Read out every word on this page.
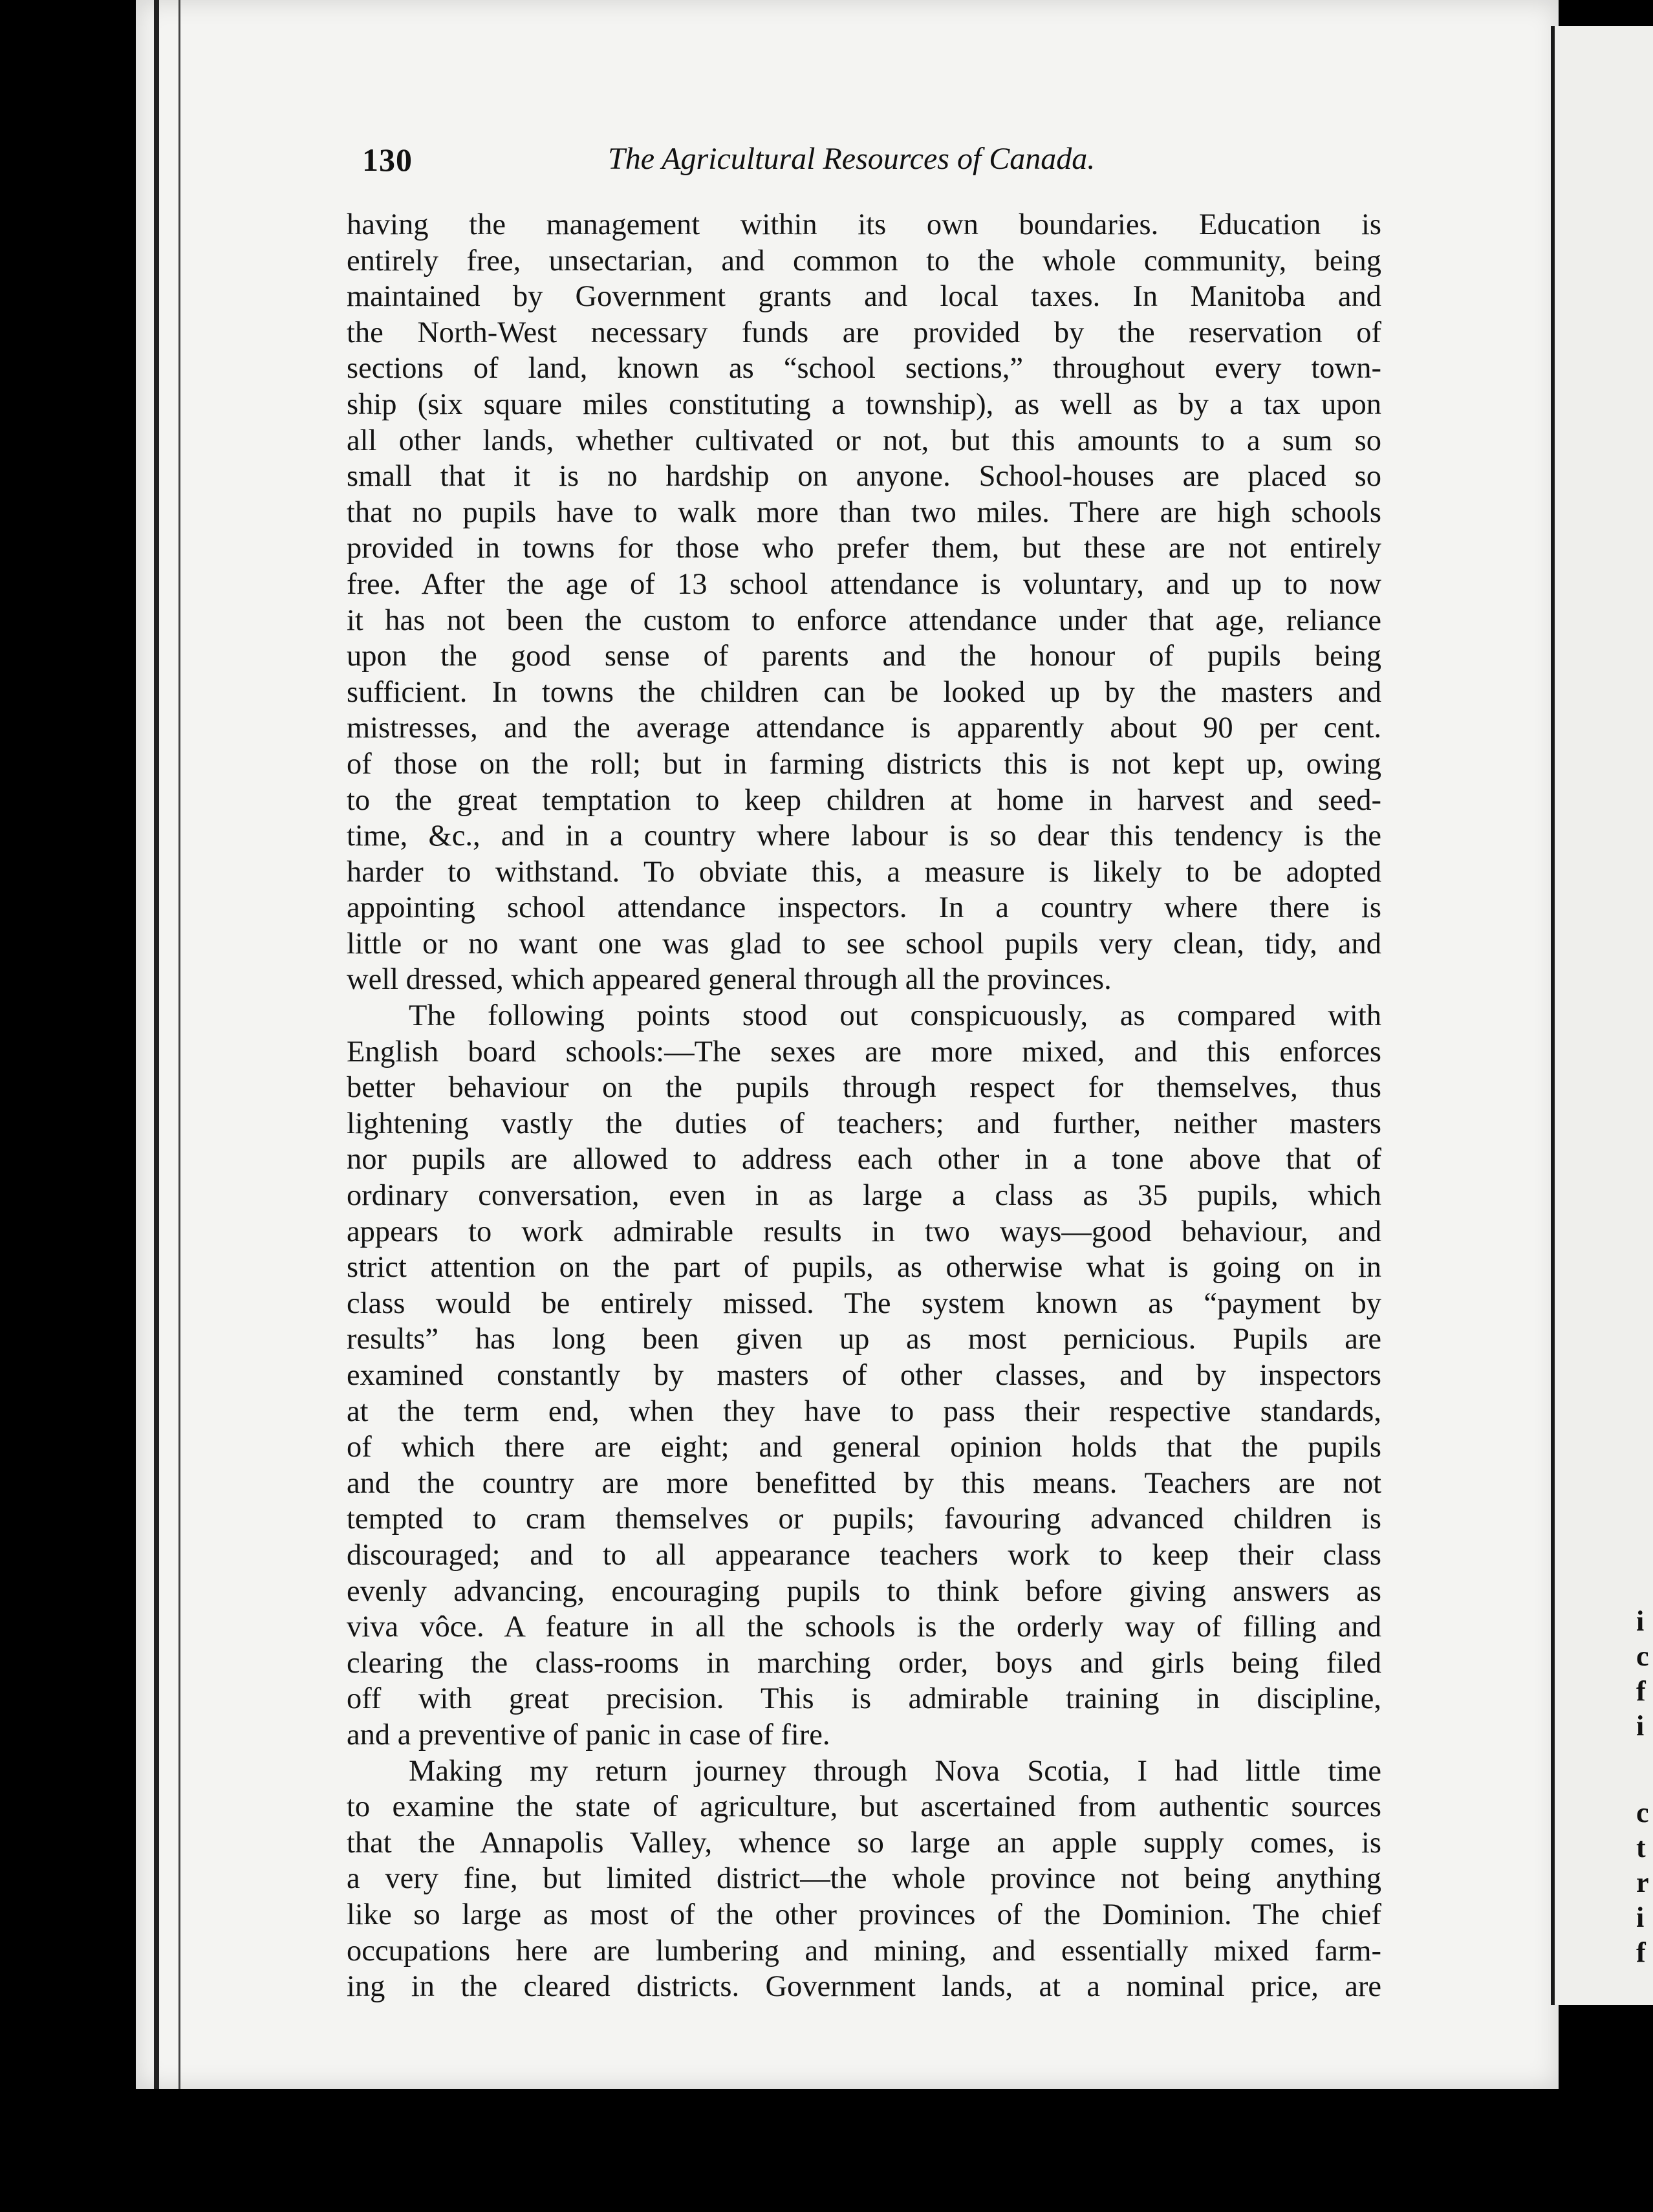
i
c
f
i
c
t
r
i
f
130	The Agricultural Resources of Canada.
having the management within its own boundaries. Education is
entirely free, unsectarian, and common to the whole community, being
maintained by Government grants and local taxes. In Manitoba and
the North-West necessary funds are provided by the reservation of
sections of land, known as “school sections,” throughout every town-
ship (six square miles constituting a township), as well as by a tax upon
all other lands, whether cultivated or not, but this amounts to a sum so
small that it is no hardship on anyone. School-houses are placed so
that no pupils have to walk more than two miles. There are high schools
provided in towns for those who prefer them, but these are not entirely
free. After the age of 13 school attendance is voluntary, and up to now
it has not been the custom to enforce attendance under that age, reliance
upon the good sense of parents and the honour of pupils being
sufficient. In towns the children can be looked up by the masters and
mistresses, and the average attendance is apparently about 90 per cent.
of those on the roll; but in farming districts this is not kept up, owing
to the great temptation to keep children at home in harvest and seed-
time, &c., and in a country where labour is so dear this tendency is the
harder to withstand. To obviate this, a measure is likely to be adopted
appointing school attendance inspectors. In a country where there is
little or no want one was glad to see school pupils very clean, tidy, and
well dressed, which appeared general through all the provinces.
The following points stood out conspicuously, as compared with
English board schools:—The sexes are more mixed, and this enforces
better behaviour on the pupils through respect for themselves, thus
lightening vastly the duties of teachers; and further, neither masters
nor pupils are allowed to address each other in a tone above that of
ordinary conversation, even in as large a class as 35 pupils, which
appears to work admirable results in two ways—good behaviour, and
strict attention on the part of pupils, as otherwise what is going on in
class would be entirely missed. The system known as “payment by
results” has long been given up as most pernicious. Pupils are
examined constantly by masters of other classes, and by inspectors
at the term end, when they have to pass their respective standards,
of which there are eight; and general opinion holds that the pupils
and the country are more benefitted by this means. Teachers are not
tempted to cram themselves or pupils; favouring advanced children is
discouraged; and to all appearance teachers work to keep their class
evenly advancing, encouraging pupils to think before giving answers as
viva vôce. A feature in all the schools is the orderly way of filling and
clearing the class-rooms in marching order, boys and girls being filed
off with great precision. This is admirable training in discipline,
and a preventive of panic in case of fire.
Making my return journey through Nova Scotia, I had little time
to examine the state of agriculture, but ascertained from authentic sources
that the Annapolis Valley, whence so large an apple supply comes, is
a very fine, but limited district—the whole province not being anything
like so large as most of the other provinces of the Dominion. The chief
occupations here are lumbering and mining, and essentially mixed farm-
ing in the cleared districts. Government lands, at a nominal price, are
